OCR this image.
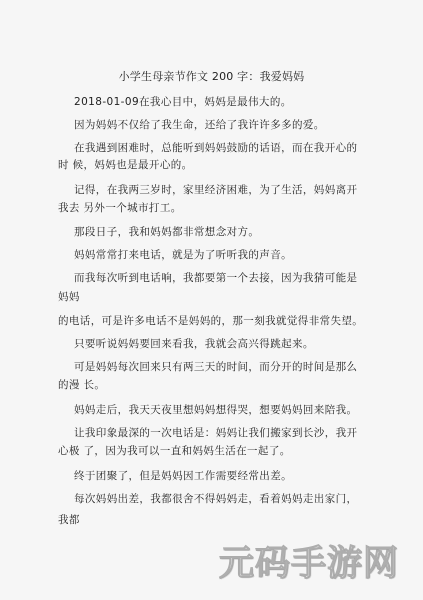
小学生母亲节作文 200 字：我爱妈妈
2018-01-09在我心目中，妈妈是最伟大的。
因为妈妈不仅给了我生命，还给了我许许多多的爱。
在我遇到困难时，总能听到妈妈鼓励的话语，而在我开心的
时 候，妈妈也是最开心的。
记得，在我两三岁时，家里经济困难，为了生活，妈妈离开
我去 另外一个城市打工。
那段日子，我和妈妈都非常想念对方。
妈妈常常打来电话，就是为了听听我的声音。
而我每次听到电话响，我都要第一个去接，因为我猜可能是
妈妈
的电话，可是许多电话不是妈妈的，那一刻我就觉得非常失望。
只要听说妈妈要回来看我，我就会高兴得跳起来。
可是妈妈每次回来只有两三天的时间，而分开的时间是那么
的漫 长。
妈妈走后，我天天夜里想妈妈想得哭，想要妈妈回来陪我。
让我印象最深的一次电话是：妈妈让我们搬家到长沙，我开
心极 了，因为我可以一直和妈妈生活在一起了。
终于团聚了，但是妈妈因工作需要经常出差。
每次妈妈出差，我都很舍不得妈妈走，看着妈妈走出家门，
我都
元码手游网
